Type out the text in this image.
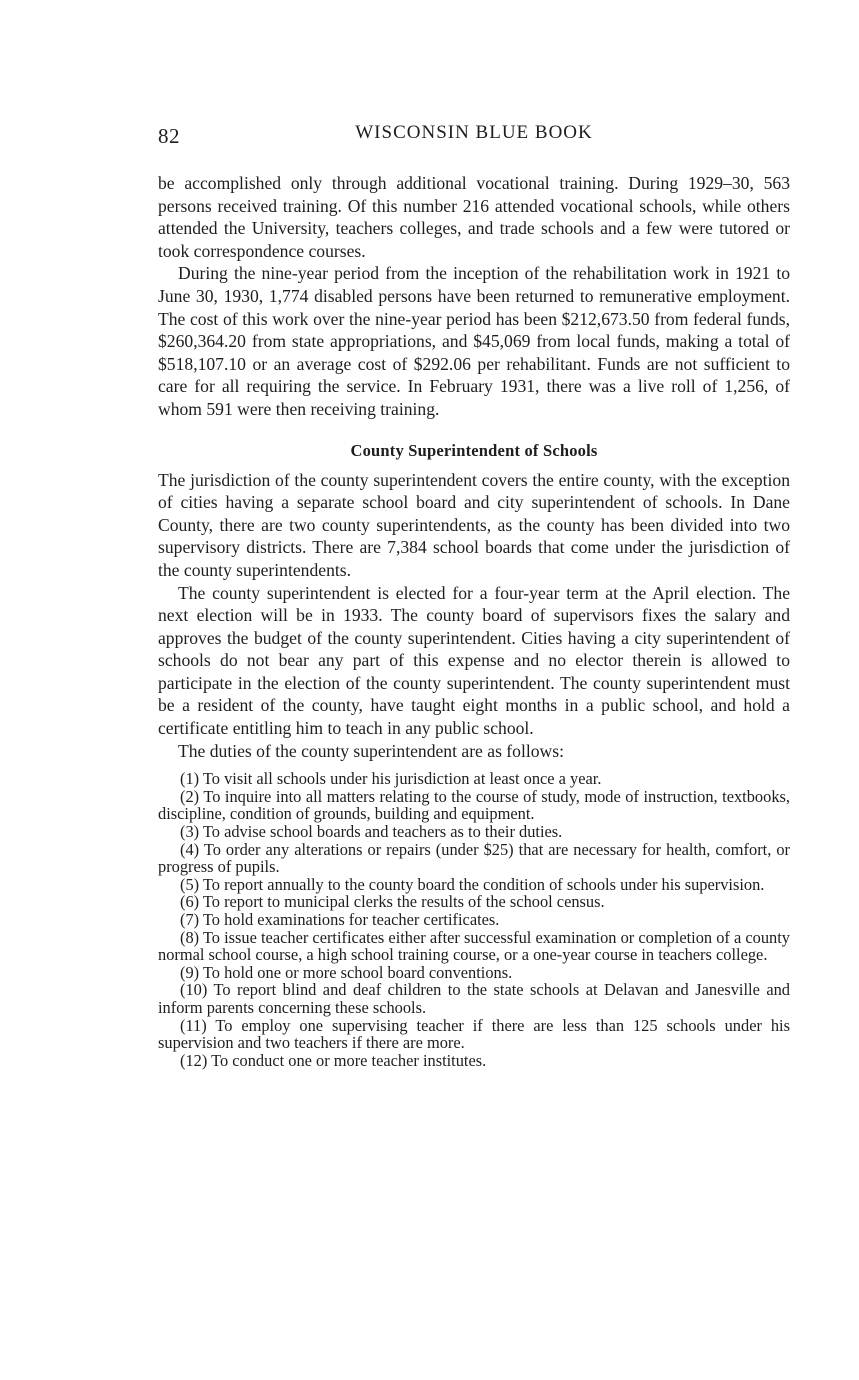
82	WISCONSIN BLUE BOOK

be accomplished only through additional vocational training. During 1929–30, 563 persons received training. Of this number 216 attended vocational schools, while others attended the University, teachers colleges, and trade schools and a few were tutored or took correspondence courses.

During the nine-year period from the inception of the rehabilitation work in 1921 to June 30, 1930, 1,774 disabled persons have been returned to remunerative employment. The cost of this work over the nine-year period has been $212,673.50 from federal funds, $260,364.20 from state appropriations, and $45,069 from local funds, making a total of $518,107.10 or an average cost of $292.06 per rehabilitant. Funds are not sufficient to care for all requiring the service. In February 1931, there was a live roll of 1,256, of whom 591 were then receiving training.

County Superintendent of Schools

The jurisdiction of the county superintendent covers the entire county, with the exception of cities having a separate school board and city superintendent of schools. In Dane County, there are two county superintendents, as the county has been divided into two supervisory districts. There are 7,384 school boards that come under the jurisdiction of the county superintendents.

The county superintendent is elected for a four-year term at the April election. The next election will be in 1933. The county board of supervisors fixes the salary and approves the budget of the county superintendent. Cities having a city superintendent of schools do not bear any part of this expense and no elector therein is allowed to participate in the election of the county superintendent. The county superintendent must be a resident of the county, have taught eight months in a public school, and hold a certificate entitling him to teach in any public school.

The duties of the county superintendent are as follows:
(1) To visit all schools under his jurisdiction at least once a year.
(2) To inquire into all matters relating to the course of study, mode of instruction, textbooks, discipline, condition of grounds, building and equipment.
(3) To advise school boards and teachers as to their duties.
(4) To order any alterations or repairs (under $25) that are necessary for health, comfort, or progress of pupils.
(5) To report annually to the county board the condition of schools under his supervision.
(6) To report to municipal clerks the results of the school census.
(7) To hold examinations for teacher certificates.
(8) To issue teacher certificates either after successful examination or completion of a county normal school course, a high school training course, or a one-year course in teachers college.
(9) To hold one or more school board conventions.
(10) To report blind and deaf children to the state schools at Delavan and Janesville and inform parents concerning these schools.
(11) To employ one supervising teacher if there are less than 125 schools under his supervision and two teachers if there are more.
(12) To conduct one or more teacher institutes.
